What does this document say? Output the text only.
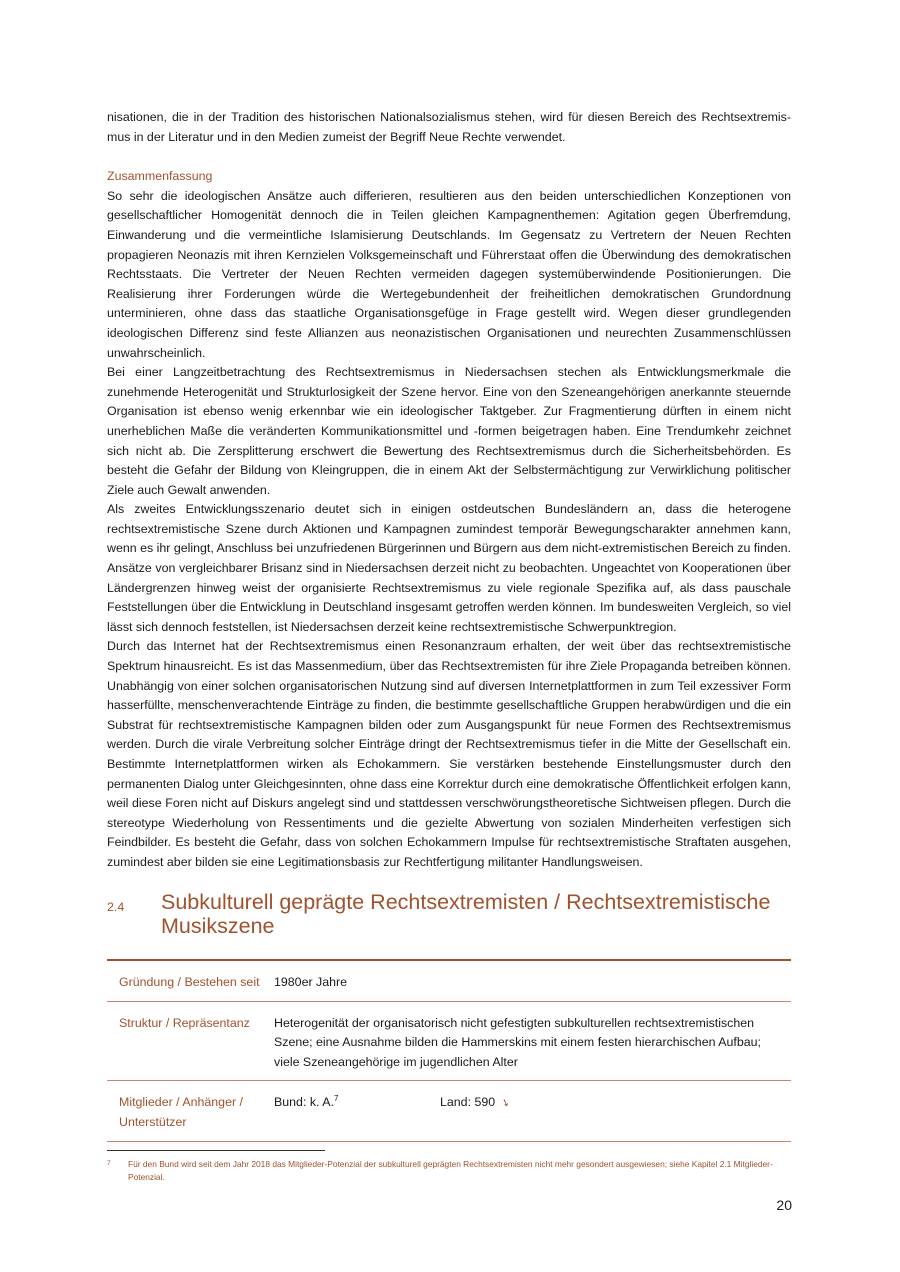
nisationen, die in der Tradition des historischen Nationalsozialismus stehen, wird für diesen Bereich des Rechtsextremis-mus in der Literatur und in den Medien zumeist der Begriff Neue Rechte verwendet.

Zusammenfassung

So sehr die ideologischen Ansätze auch differieren, resultieren aus den beiden unterschiedlichen Konzeptionen von gesellschaftlicher Homogenität dennoch die in Teilen gleichen Kampagnenthemen: Agitation gegen Überfremdung, Einwanderung und die vermeintliche Islamisierung Deutschlands. Im Gegensatz zu Vertretern der Neuen Rechten propagieren Neonazis mit ihren Kernzielen Volksgemeinschaft und Führerstaat offen die Überwindung des demokratischen Rechtsstaats. Die Vertreter der Neuen Rechten vermeiden dagegen systemüberwindende Positionierungen. Die Realisierung ihrer Forderungen würde die Wertegebundenheit der freiheitlichen demokratischen Grundordnung unterminieren, ohne dass das staatliche Organisationsgefüge in Frage gestellt wird. Wegen dieser grundlegenden ideologischen Differenz sind feste Allianzen aus neonazistischen Organisationen und neurechten Zusammenschlüssen unwahrscheinlich.

Bei einer Langzeitbetrachtung des Rechtsextremismus in Niedersachsen stechen als Entwicklungsmerkmale die zunehmende Heterogenität und Strukturlosigkeit der Szene hervor. Eine von den Szeneangehörigen anerkannte steuernde Organisation ist ebenso wenig erkennbar wie ein ideologischer Taktgeber. Zur Fragmentierung dürften in einem nicht unerheblichen Maße die veränderten Kommunikationsmittel und -formen beigetragen haben. Eine Trendumkehr zeichnet sich nicht ab. Die Zersplitterung erschwert die Bewertung des Rechtsextremismus durch die Sicherheitsbehörden. Es besteht die Gefahr der Bildung von Kleingruppen, die in einem Akt der Selbstermächtigung zur Verwirklichung politischer Ziele auch Gewalt anwenden.

Als zweites Entwicklungsszenario deutet sich in einigen ostdeutschen Bundesländern an, dass die heterogene rechtsextremistische Szene durch Aktionen und Kampagnen zumindest temporär Bewegungscharakter annehmen kann, wenn es ihr gelingt, Anschluss bei unzufriedenen Bürgerinnen und Bürgern aus dem nicht-extremistischen Bereich zu finden. Ansätze von vergleichbarer Brisanz sind in Niedersachsen derzeit nicht zu beobachten. Ungeachtet von Kooperationen über Ländergrenzen hinweg weist der organisierte Rechtsextremismus zu viele regionale Spezifika auf, als dass pauschale Feststellungen über die Entwicklung in Deutschland insgesamt getroffen werden können. Im bundesweiten Vergleich, so viel lässt sich dennoch feststellen, ist Niedersachsen derzeit keine rechtsextremistische Schwerpunktregion.

Durch das Internet hat der Rechtsextremismus einen Resonanzraum erhalten, der weit über das rechtsextremistische Spektrum hinausreicht. Es ist das Massenmedium, über das Rechtsextremisten für ihre Ziele Propaganda betreiben können. Unabhängig von einer solchen organisatorischen Nutzung sind auf diversen Internetplattformen in zum Teil exzessiver Form hasserfüllte, menschenverachtende Einträge zu finden, die bestimmte gesellschaftliche Gruppen herabwürdigen und die ein Substrat für rechtsextremistische Kampagnen bilden oder zum Ausgangspunkt für neue Formen des Rechtsextremismus werden. Durch die virale Verbreitung solcher Einträge dringt der Rechtsextremismus tiefer in die Mitte der Gesellschaft ein. Bestimmte Internetplattformen wirken als Echokammern. Sie verstärken bestehende Einstellungsmuster durch den permanenten Dialog unter Gleichgesinnten, ohne dass eine Korrektur durch eine demokratische Öffentlichkeit erfolgen kann, weil diese Foren nicht auf Diskurs angelegt sind und stattdessen verschwörungstheoretische Sichtweisen pflegen. Durch die stereotype Wiederholung von Ressentiments und die gezielte Abwertung von sozialen Minderheiten verfestigen sich Feindbilder. Es besteht die Gefahr, dass von solchen Echokammern Impulse für rechtsextremistische Straftaten ausgehen, zumindest aber bilden sie eine Legitimationsbasis zur Rechtfertigung militanter Handlungsweisen.

2.4	Subkulturell geprägte Rechtsextremisten / Rechtsextremistische Musikszene
Gründung / Bestehen seit	1980er Jahre
Struktur / Repräsentanz	Heterogenität der organisatorisch nicht gefestigten subkulturellen rechtsextremistischen Szene; eine Ausnahme bilden die Hammerskins mit einem festen hierarchischen Aufbau; viele Szeneangehörige im jugendlichen Alter
Mitglieder / Anhänger / Unterstützer	Bund: k. A.$^7$ Land: 590 ➘
7	Für den Bund wird seit dem Jahr 2018 das Mitglieder-Potenzial der subkulturell geprägten Rechtsextremisten nicht mehr gesondert ausgewiesen; siehe Kapitel 2.1 Mitglieder-Potenzial.
20
